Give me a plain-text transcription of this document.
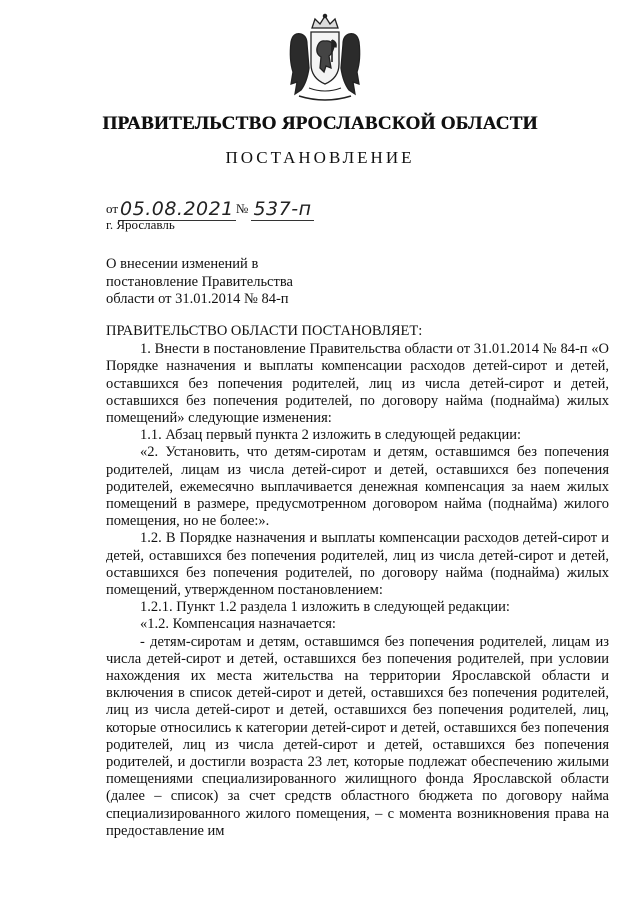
ПРАВИТЕЛЬСТВО ЯРОСЛАВСКОЙ ОБЛАСТИ
ПОСТАНОВЛЕНИЕ
от 05.08.2021 № 537-п
г. Ярославль
О внесении изменений в
постановление Правительства
области от 31.01.2014 № 84-п

ПРАВИТЕЛЬСТВО ОБЛАСТИ ПОСТАНОВЛЯЕТ:

1. Внести в постановление Правительства области от 31.01.2014 № 84-п «О Порядке назначения и выплаты компенсации расходов детей-сирот и детей, оставшихся без попечения родителей, лиц из числа детей-сирот и детей, оставшихся без попечения родителей, по договору найма (поднайма) жилых помещений» следующие изменения:

1.1. Абзац первый пункта 2 изложить в следующей редакции:

«2. Установить, что детям-сиротам и детям, оставшимся без попечения родителей, лицам из числа детей-сирот и детей, оставшихся без попечения родителей, ежемесячно выплачивается денежная компенсация за наем жилых помещений в размере, предусмотренном договором найма (поднайма) жилого помещения, но не более:».

1.2. В Порядке назначения и выплаты компенсации расходов детей-сирот и детей, оставшихся без попечения родителей, лиц из числа детей-сирот и детей, оставшихся без попечения родителей, по договору найма (поднайма) жилых помещений, утвержденном постановлением:

1.2.1. Пункт 1.2 раздела 1 изложить в следующей редакции:

«1.2. Компенсация назначается:

- детям-сиротам и детям, оставшимся без попечения родителей, лицам из числа детей-сирот и детей, оставшихся без попечения родителей, при условии нахождения их места жительства на территории Ярославской области и включения в список детей-сирот и детей, оставшихся без попечения родителей, лиц из числа детей-сирот и детей, оставшихся без попечения родителей, лиц, которые относились к категории детей-сирот и детей, оставшихся без попечения родителей, лиц из числа детей-сирот и детей, оставшихся без попечения родителей, и достигли возраста 23 лет, которые подлежат обеспечению жилыми помещениями специализированного жилищного фонда Ярославской области (далее – список) за счет средств областного бюджета по договору найма специализированного жилого помещения, – с момента возникновения права на предоставление им
